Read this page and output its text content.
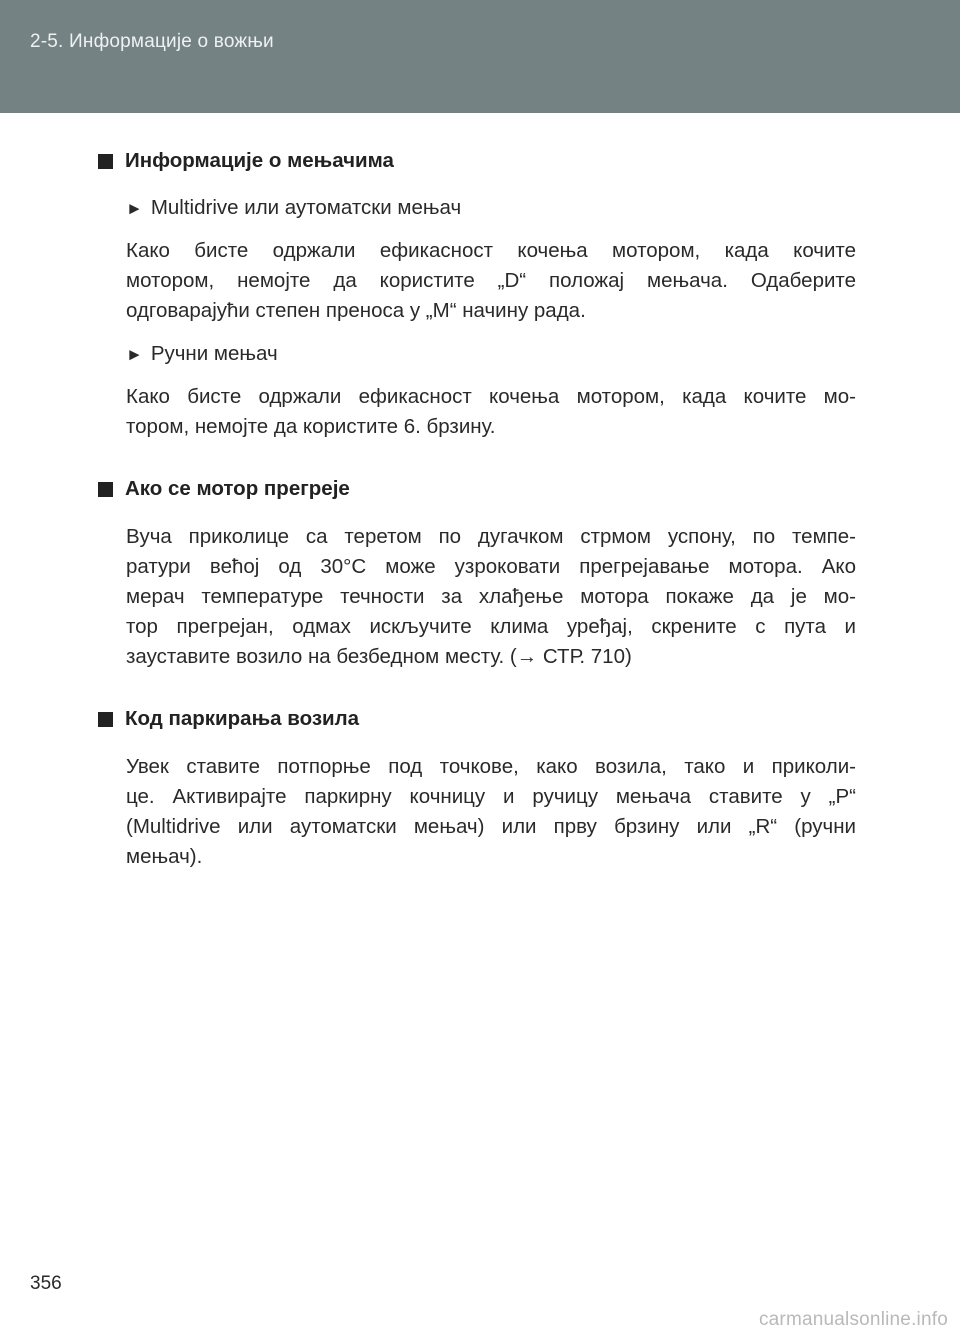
2-5. Информације о вожњи
Информације о мењачима
► Multidrive или аутоматски мењач
Како бисте одржали ефикасност кочења мотором, када кочите
мотором, немојте да користите „D“ положај мењача. Одаберите
одговарајући степен преноса у „M“ начину рада.
► Ручни мењач
Како бисте одржали ефикасност кочења мотором, када кочите мо-
тором, немојте да користите 6. брзину.
Ако се мотор прегреје
Вуча приколице са теретом по дугачком стрмом успону, по темпе-
ратури већој од 30°C може узроковати прегрејавање мотора. Ако
мерач температуре течности за хлађење мотора покаже да је мо-
тор прегрејан, одмах искључите клима уређај, скрените с пута и
зауставите возило на безбедном месту. (→ СТР. 710)
Код паркирања возила
Увек ставите потпорње под точкове, како возила, тако и приколи-
це. Активирајте паркирну кочницу и ручицу мењача ставите у „P“
(Multidrive или аутоматски мењач) или прву брзину или „R“ (ручни
мењач).
356
carmanualsonline.info
